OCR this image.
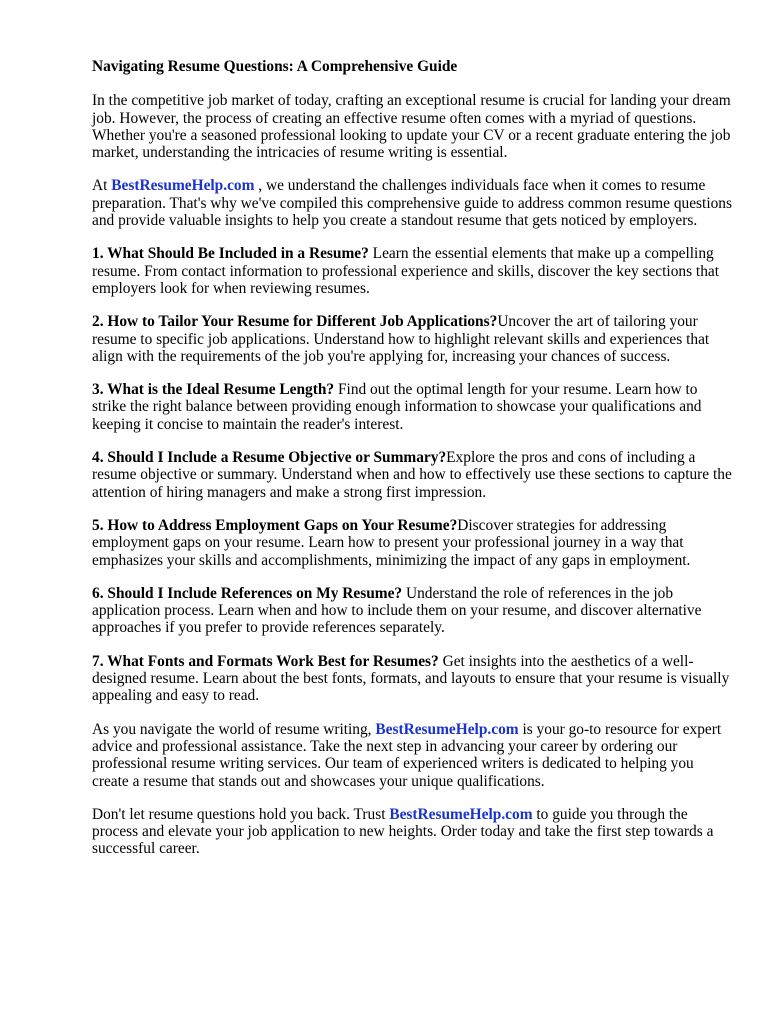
Navigating Resume Questions: A Comprehensive Guide

In the competitive job market of today, crafting an exceptional resume is crucial for landing your dream job. However, the process of creating an effective resume often comes with a myriad of questions. Whether you're a seasoned professional looking to update your CV or a recent graduate entering the job market, understanding the intricacies of resume writing is essential.

At BestResumeHelp.com , we understand the challenges individuals face when it comes to resume preparation. That's why we've compiled this comprehensive guide to address common resume questions and provide valuable insights to help you create a standout resume that gets noticed by employers.

1. What Should Be Included in a Resume? Learn the essential elements that make up a compelling resume. From contact information to professional experience and skills, discover the key sections that employers look for when reviewing resumes.

2. How to Tailor Your Resume for Different Job Applications?Uncover the art of tailoring your resume to specific job applications. Understand how to highlight relevant skills and experiences that align with the requirements of the job you're applying for, increasing your chances of success.

3. What is the Ideal Resume Length? Find out the optimal length for your resume. Learn how to strike the right balance between providing enough information to showcase your qualifications and keeping it concise to maintain the reader's interest.

4. Should I Include a Resume Objective or Summary?Explore the pros and cons of including a resume objective or summary. Understand when and how to effectively use these sections to capture the attention of hiring managers and make a strong first impression.

5. How to Address Employment Gaps on Your Resume?Discover strategies for addressing employment gaps on your resume. Learn how to present your professional journey in a way that emphasizes your skills and accomplishments, minimizing the impact of any gaps in employment.

6. Should I Include References on My Resume? Understand the role of references in the job application process. Learn when and how to include them on your resume, and discover alternative approaches if you prefer to provide references separately.

7. What Fonts and Formats Work Best for Resumes? Get insights into the aesthetics of a well-designed resume. Learn about the best fonts, formats, and layouts to ensure that your resume is visually appealing and easy to read.

As you navigate the world of resume writing, BestResumeHelp.com is your go-to resource for expert advice and professional assistance. Take the next step in advancing your career by ordering our professional resume writing services. Our team of experienced writers is dedicated to helping you create a resume that stands out and showcases your unique qualifications.

Don't let resume questions hold you back. Trust BestResumeHelp.com to guide you through the process and elevate your job application to new heights. Order today and take the first step towards a successful career.
